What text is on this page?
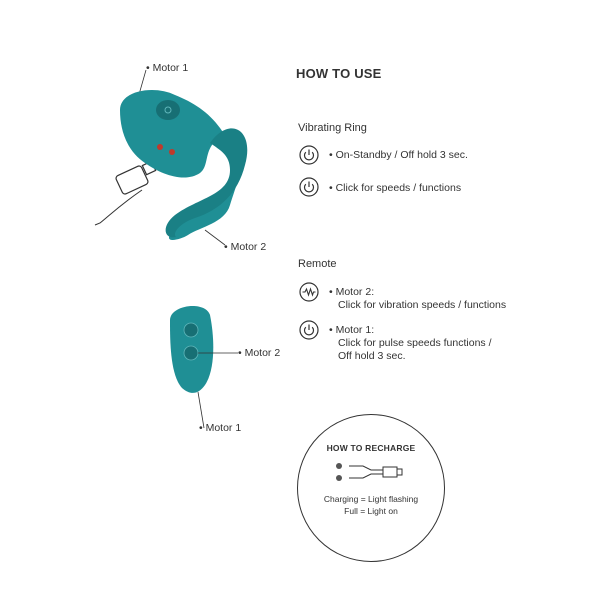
• Motor 1
• Motor 2
• Motor 2
• Motor 1
HOW TO USE
Vibrating Ring
• On-Standby / Off hold 3 sec.
• Click for speeds / functions
Remote
• Motor 2:
Click for vibration speeds / functions
• Motor 1:
Click for pulse speeds functions /
Off hold 3 sec.
HOW TO RECHARGE
Charging = Light flashing
Full = Light on
